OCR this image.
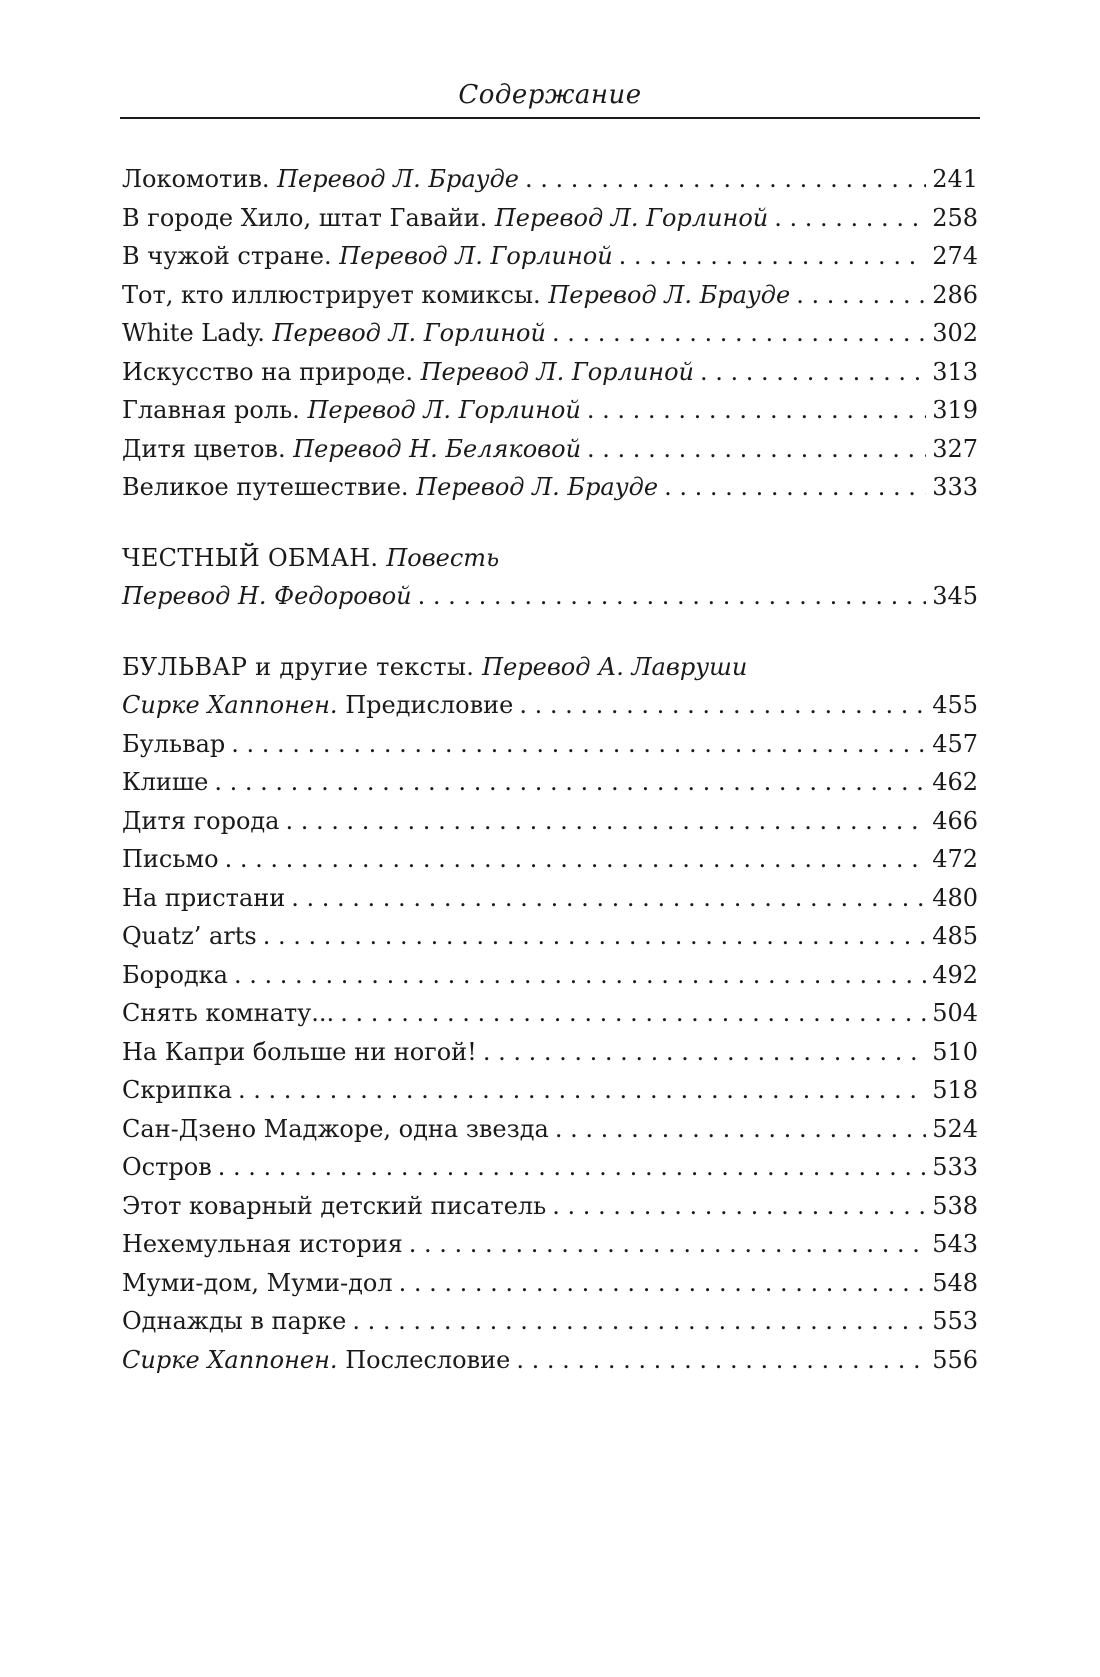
Содержание
Локомотив. Перевод Л. Брауде . . .	241
В городе Хило, штат Гавайи. Перевод Л. Горлиной . . .	258
В чужой стране. Перевод Л. Горлиной . . .	274
Тот, кто иллюстрирует комиксы. Перевод Л. Брауде . . .	286
White Lady. Перевод Л. Горлиной . . .	302
Искусство на природе. Перевод Л. Горлиной . . .	313
Главная роль. Перевод Л. Горлиной . . .	319
Дитя цветов. Перевод Н. Беляковой . . .	327
Великое путешествие. Перевод Л. Брауде . . .	333
ЧЕСТНЫЙ ОБМАН. Повесть
Перевод Н. Федоровой . . .	345
БУЛЬВАР и другие тексты. Перевод А. Лавруши
Сирке Хаппонен. Предисловие . . .	455
Бульвар . . .	457
Клише . . .	462
Дитя города . . .	466
Письмо . . .	472
На пристани . . .	480
Quatz’ arts . . .	485
Бородка . . .	492
Снять комнату... . . .	504
На Капри больше ни ногой! . . .	510
Скрипка . . .	518
Сан-Дзено Маджоре, одна звезда . . .	524
Остров . . .	533
Этот коварный детский писатель . . .	538
Нехемульная история . . .	543
Муми-дом, Муми-дол . . .	548
Однажды в парке . . .	553
Сирке Хаппонен. Послесловие . . .	556
